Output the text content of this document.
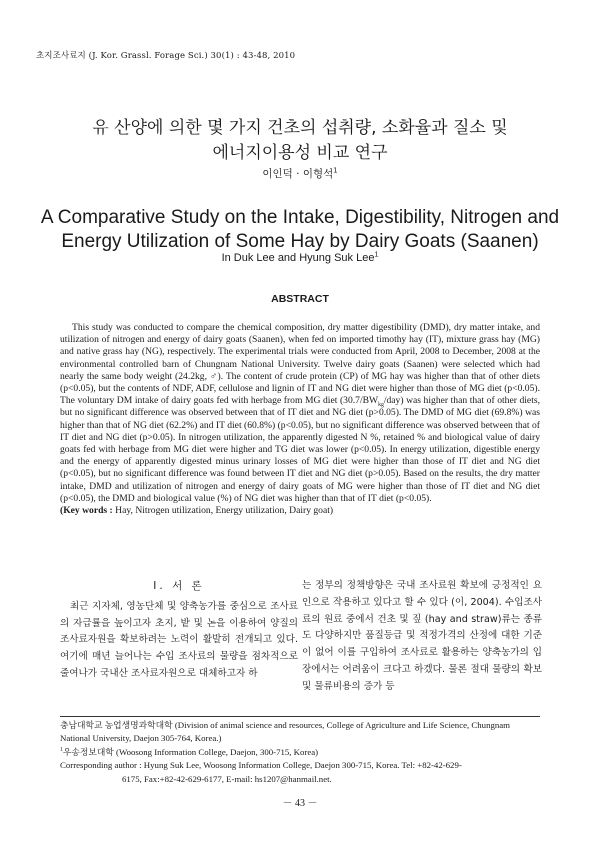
초지조사료지 (J. Kor. Grassl. Forage Sci.) 30(1) : 43-48, 2010
유 산양에 의한 몇 가지 건초의 섭취량, 소화율과 질소 및
에너지이용성 비교 연구
이인덕 · 이형석$^1$
A Comparative Study on the Intake, Digestibility, Nitrogen and
Energy Utilization of Some Hay by Dairy Goats (Saanen)
In Duk Lee and Hyung Suk Lee$^1$
ABSTRACT
This study was conducted to compare the chemical composition, dry matter digestibility (DMD), dry matter intake, and utilization of nitrogen and energy of dairy goats (Saanen), when fed on imported timothy hay (IT), mixture grass hay (MG) and native grass hay (NG), respectively. The experimental trials were conducted from April, 2008 to December, 2008 at the environmental controlled barn of Chungnam National University. Twelve dairy goats (Saanen) were selected which had nearly the same body weight (24.2kg, ♂). The content of crude protein (CP) of MG hay was higher than that of other diets (p<0.05), but the contents of NDF, ADF, cellulose and lignin of IT and NG diet were higher than those of MG diet (p<0.05). The voluntary DM intake of dairy goats fed with herbage from MG diet $(30.7/BW_{kg}/day)$ was higher than that of other diets, but no significant difference was observed between that of IT diet and NG diet (p>0.05). The DMD of MG diet (69.8%) was higher than that of NG diet (62.2%) and IT diet (60.8%) (p<0.05), but no significant difference was observed between that of IT diet and NG diet (p>0.05). In nitrogen utilization, the apparently digested N %, retained % and biological value of dairy goats fed with herbage from MG diet were higher and TG diet was lower (p<0.05). In energy utilization, digestible energy and the energy of apparently digested minus urinary losses of MG diet were higher than those of IT diet and NG diet (p<0.05), but no significant difference was found between IT diet and NG diet (p>0.05). Based on the results, the dry matter intake, DMD and utilization of nitrogen and energy of dairy goats of MG were higher than those of IT diet and NG diet (p<0.05), the DMD and biological value (%) of NG diet was higher than that of IT diet (p<0.05).
(Key words : Hay, Nitrogen utilization, Energy utilization, Dairy goat)
I. 서 론
최근 지자체, 영농단체 및 양축농가를 중심으로 조사료의 자급률을 높이고자 초지, 밭 및 논을 이용하여 양질의 조사료자원을 확보하려는 노력이 활발히 전개되고 있다. 여기에 매년 늘어나는 수입 조사료의 물량을 점차적으로 줄여나가 국내산 조사료자원으로 대체하고자 하
는 정부의 정책방향은 국내 조사료원 확보에 긍정적인 요인으로 작용하고 있다고 할 수 있다 (이, 2004). 수입조사료의 원료 중에서 건초 및 짚 (hay and straw)류는 종류도 다양하지만 품질등급 및 적정가격의 산정에 대한 기준이 없어 이를 구입하여 조사료로 활용하는 양축농가의 입장에서는 어려움이 크다고 하겠다. 물론 절대 물량의 확보 및 물류비용의 증가 등

충남대학교 농업생명과학대학 (Division of animal science and resources, College of Agriculture and Life Science, Chungnam National University, Daejon 305-764, Korea.)

$^1$우송정보대학 (Woosong Information College, Daejon, 300-715, Korea)

Corresponding author : Hyung Suk Lee, Woosong Information College, Daejon 300-715, Korea. Tel: +82-42-629-

6175, Fax:+82-42-629-6177, E-mail: hs1207@hanmail.net.

－ 43 －
